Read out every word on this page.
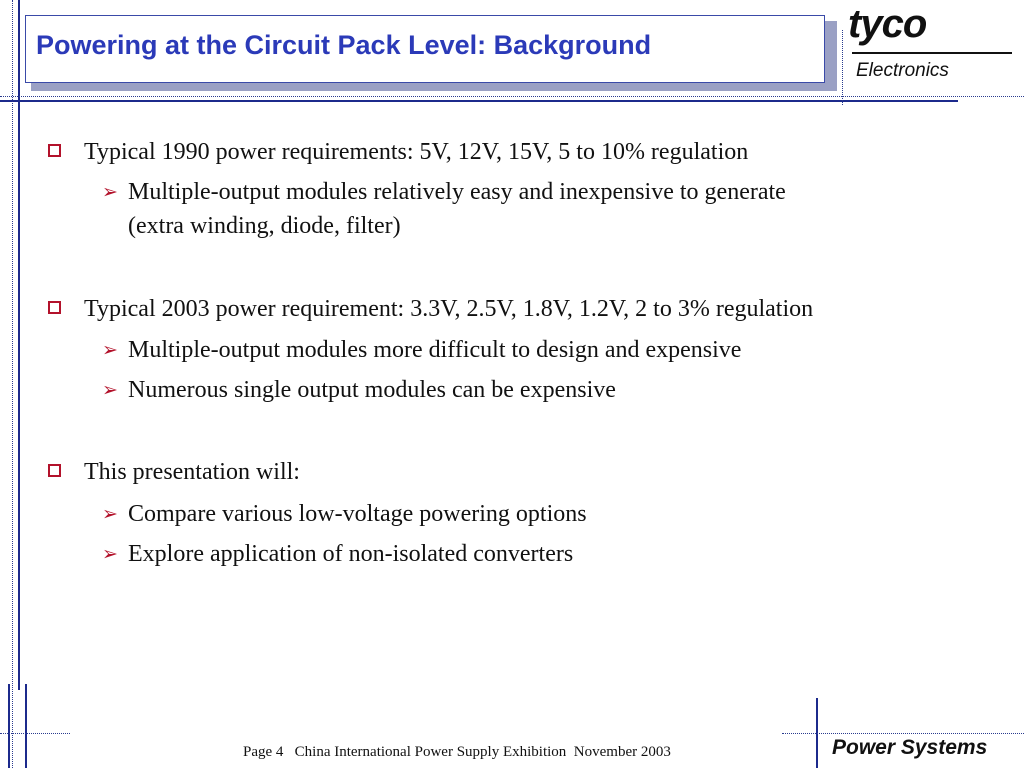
Powering at the Circuit Pack Level: Background	tyco
Electronics
Power Systems
Typical 1990 power requirements: 5V, 12V, 15V, 5 to 10% regulation
➢ Multiple-output modules relatively easy and inexpensive to generate
(extra winding, diode, filter)
Typical 2003 power requirement: 3.3V, 2.5V, 1.8V, 1.2V, 2 to 3% regulation
➢ Multiple-output modules more difficult to design and expensive
➢ Numerous single output modules can be expensive
This presentation will:
➢ Compare various low-voltage powering options
➢ Explore application of non-isolated converters
Page 4   China International Power Supply Exhibition  November 2003
